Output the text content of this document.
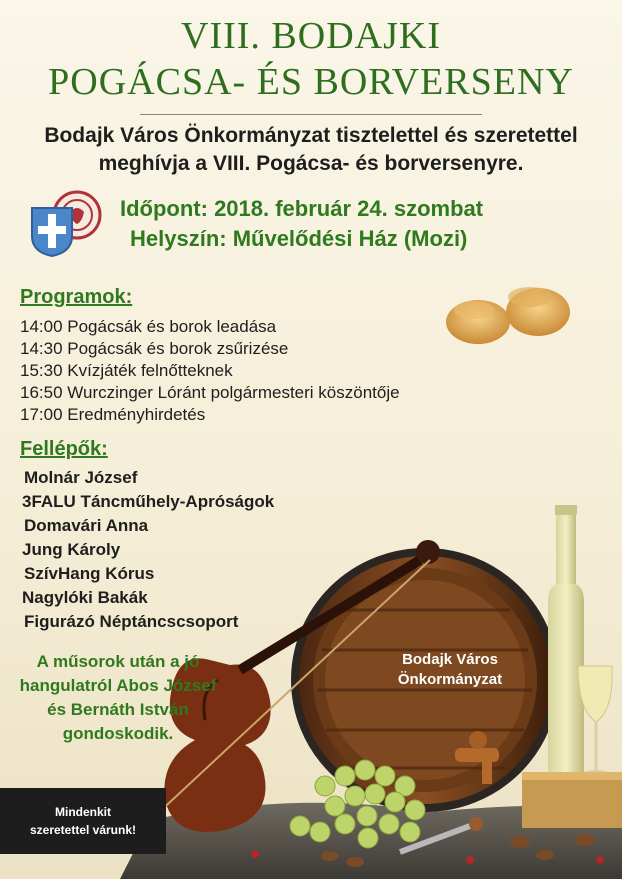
VIII. BODAJKI
POGÁCSA- ÉS BORVERSENY
Bodajk Város Önkormányzat tisztelettel és szeretettel
meghívja a VIII. Pogácsa- és borversenyre.
Időpont: 2018. február 24. szombat
Helyszín: Művelődési Ház (Mozi)
Programok:
14:00 Pogácsák és borok leadása
14:30 Pogácsák és borok zsűrizése
15:30 Kvízjáték felnőtteknek
16:50 Wurczinger Lóránt polgármesteri köszöntője
17:00 Eredményhirdetés
Fellépők:
Molnár József
3FALU Táncműhely-Apróságok
Domavári Anna
Jung Károly
SzívHang Kórus
Nagylóki Bakák
Figurázó Néptáncscsoport
A műsorok után a jó
hangulatról Abos József
és Bernáth István
gondoskodik.
Bodajk Város
Önkormányzat
Mindenkit
szeretettel várunk!
